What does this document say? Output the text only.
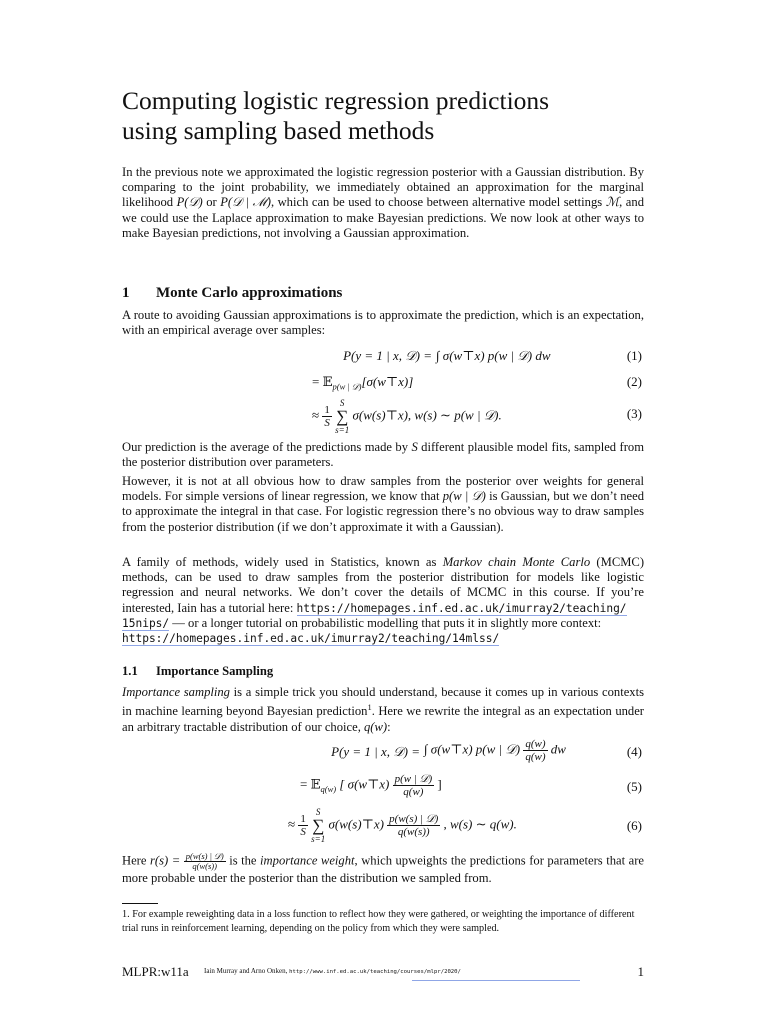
Computing logistic regression predictions
using sampling based methods

In the previous note we approximated the logistic regression posterior with a Gaussian distribution. By comparing to the joint probability, we immediately obtained an approximation for the marginal likelihood P(𝒟) or P(𝒟 | ℳ), which can be used to choose between alternative model settings ℳ, and we could use the Laplace approximation to make Bayesian predictions. We now look at other ways to make Bayesian predictions, not involving a Gaussian approximation.

1 Monte Carlo approximations

A route to avoiding Gaussian approximations is to approximate the prediction, which is an expectation, with an empirical average over samples:

P(y = 1 | x, 𝒟) = ∫ σ(w⊤x) p(w | 𝒟) dw	(1)
= 𝔼$_{p(w | 𝒟)}$[σ(w⊤x)]	(2)
≈ $\frac{1}{S}$
S
∑
s=1 σ(w(s)⊤x), w(s) ∼ p(w | 𝒟).	(3)

Our prediction is the average of the predictions made by S different plausible model fits, sampled from the posterior distribution over parameters.

However, it is not at all obvious how to draw samples from the posterior over weights for general models. For simple versions of linear regression, we know that p(w | 𝒟) is Gaussian, but we don’t need to approximate the integral in that case. For logistic regression there’s no obvious way to draw samples from the posterior distribution (if we don’t approximate it with a Gaussian).

A family of methods, widely used in Statistics, known as Markov chain Monte Carlo (MCMC) methods, can be used to draw samples from the posterior distribution for models like logistic regression and neural networks. We don’t cover the details of MCMC in this course. If you’re interested, Iain has a tutorial here: https://homepages.inf.ed.ac.uk/imurray2/teaching/
15nips/ — or a longer tutorial on probabilistic modelling that puts it in slightly more context:
https://homepages.inf.ed.ac.uk/imurray2/teaching/14mlss/

1.1 Importance Sampling

Importance sampling is a simple trick you should understand, because it comes up in various contexts in machine learning beyond Bayesian prediction$^1$. Here we rewrite the integral as an expectation under an arbitrary tractable distribution of our choice, q(w):

P(y = 1 | x, 𝒟) = ∫ σ(w⊤x) p(w | 𝒟) $\frac{q(w)}{q(w)}$ dw	(4)
= 𝔼$_{q(w)}$ [ σ(w⊤x) $\frac{\text{p(w | 𝒟)}}{q(w)}$ ]	(5)
≈ $\frac{1}{S}$
S
∑
s=1 σ(w(s)⊤x) $\frac{\text{p(w(s) | 𝒟)}}{q(w(s))}$ , w(s) ∼ q(w).	(6)

Here $r(s) = \frac{\text{p(w(s) | 𝒟)}}{q(w(s))}$ is the importance weight, which upweights the predictions for parameters that are more probable under the posterior than the distribution we sampled from.

1. For example reweighting data in a loss function to reflect how they were gathered, or weighting the importance of different trial runs in reinforcement learning, depending on the policy from which they were sampled.
MLPR:w11a Iain Murray and Arno Onken, http://www.inf.ed.ac.uk/teaching/courses/mlpr/2020/	1
